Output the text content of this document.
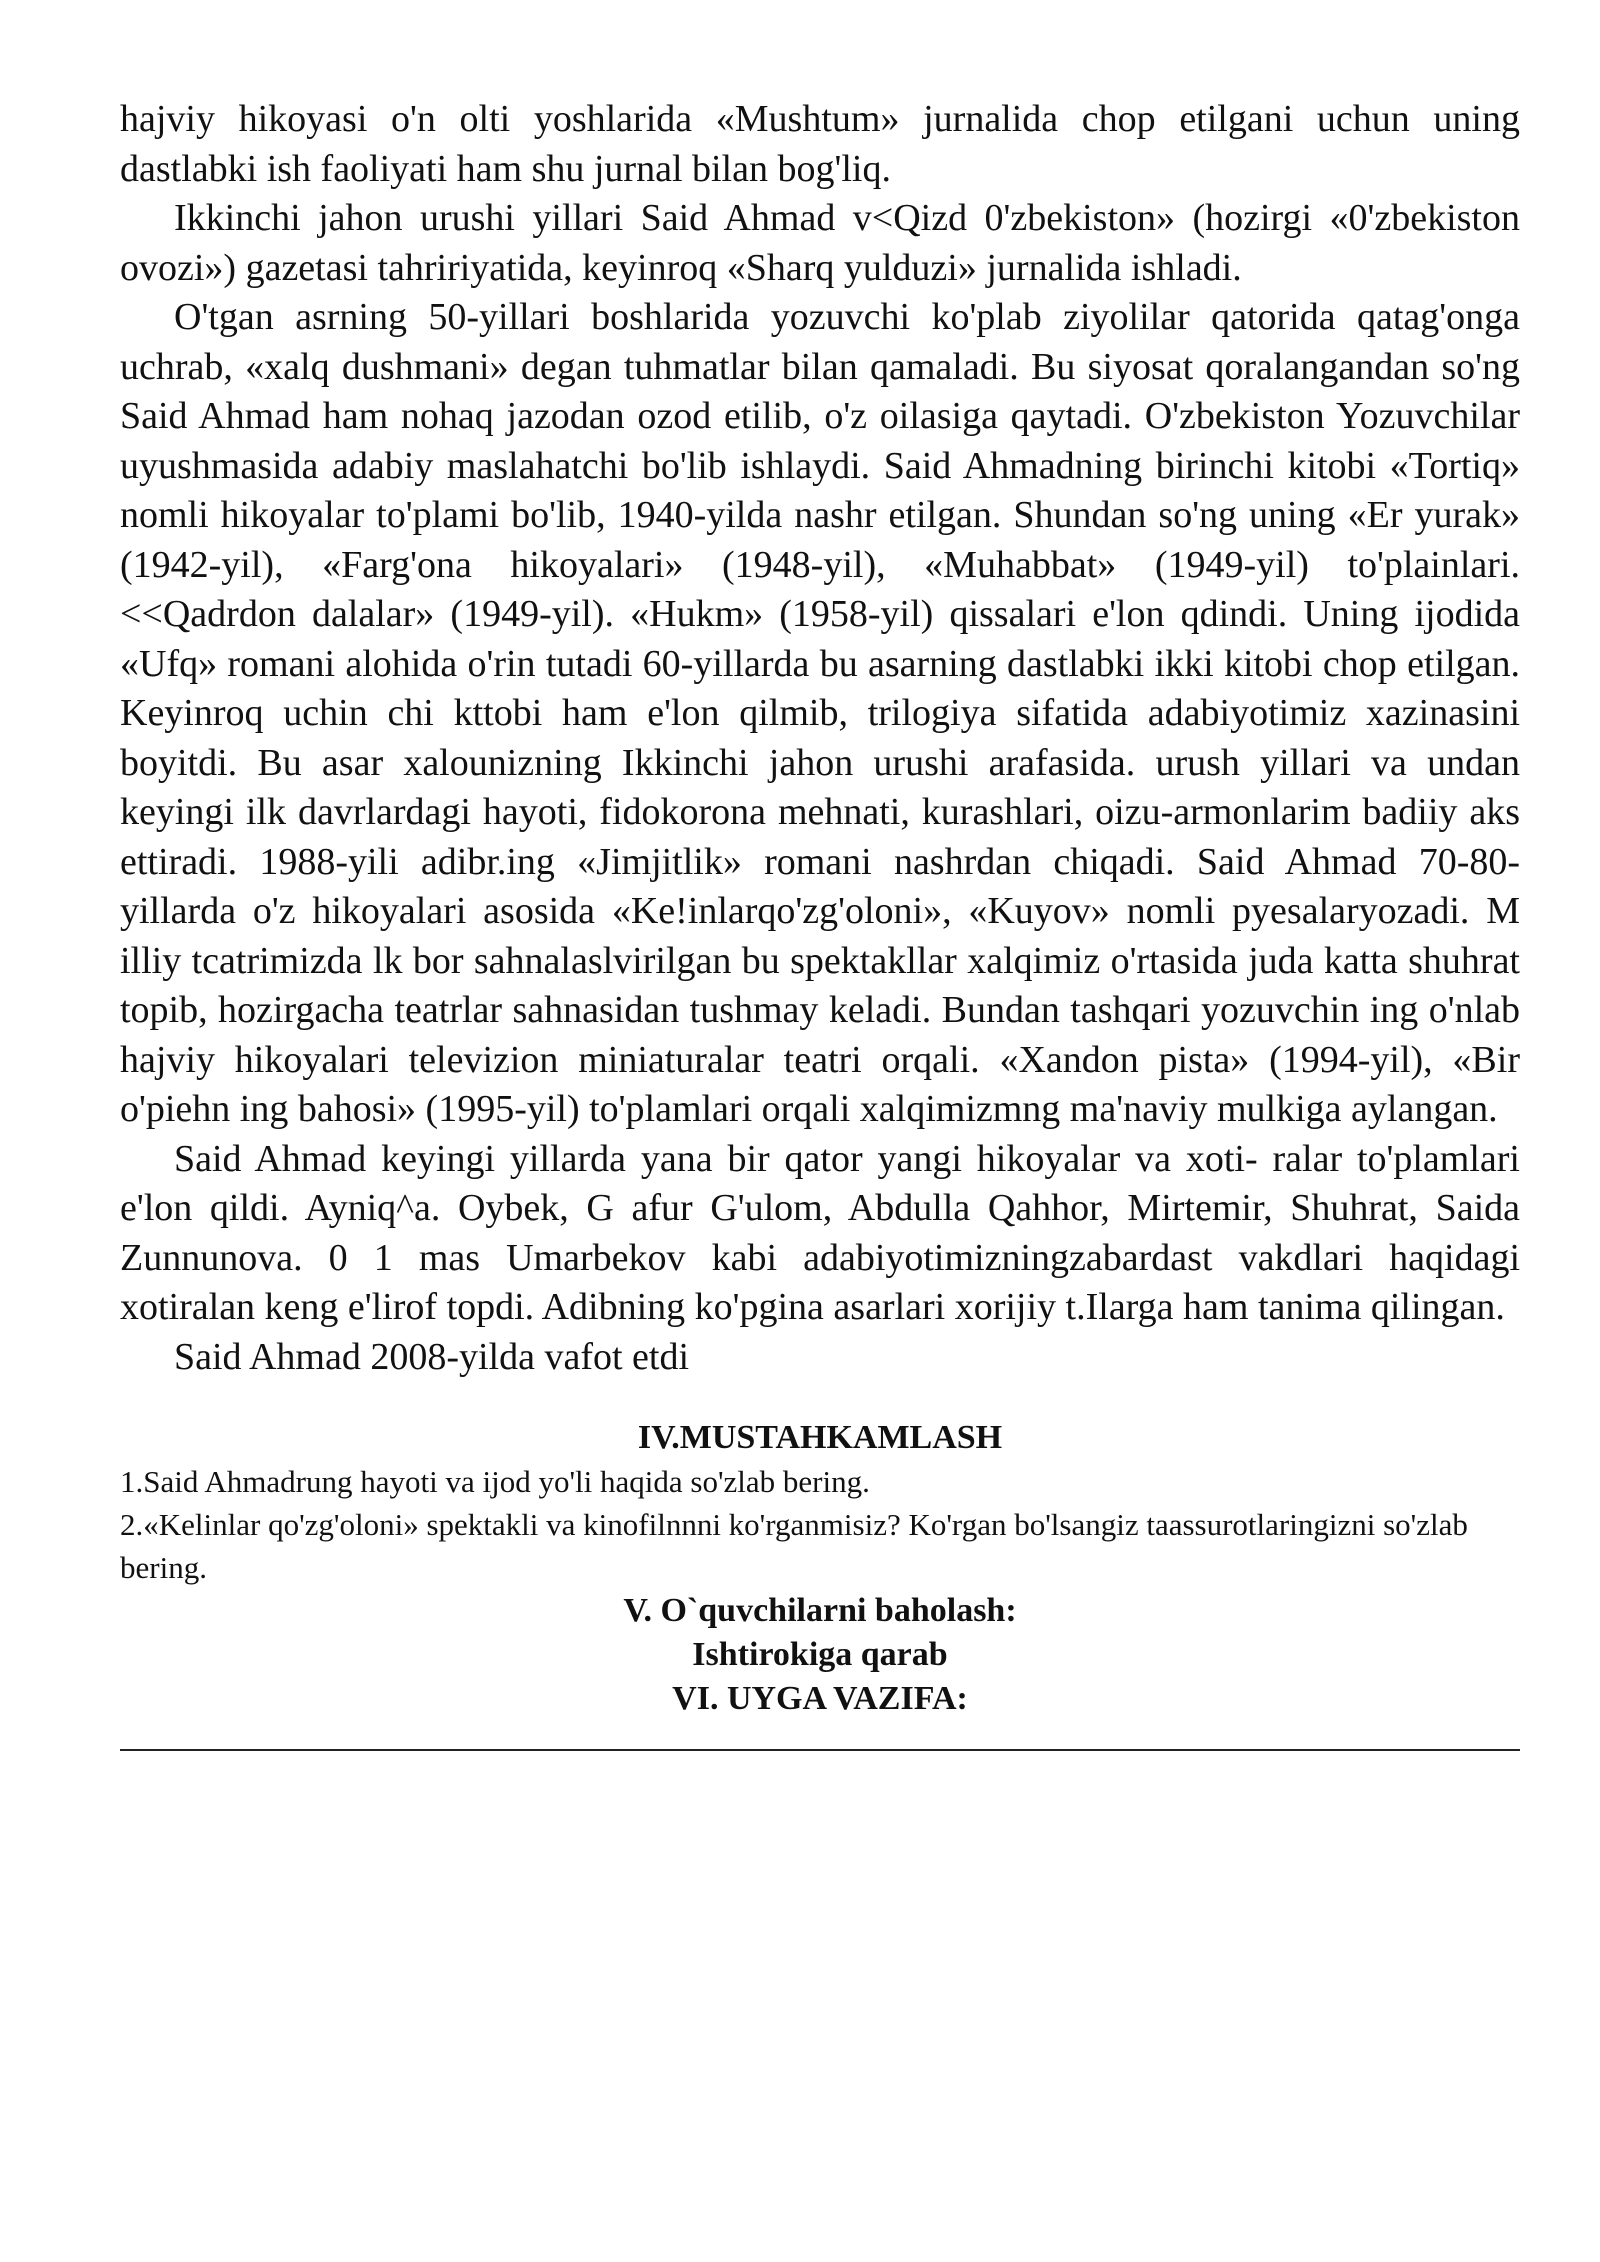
hajviy hikoyasi o'n olti yoshlarida «Mushtum» jurnalida chop etilgani uchun uning dastlabki ish faoliyati ham shu jurnal bilan bog'liq.

Ikkinchi jahon urushi yillari Said Ahmad v<Qizd 0'zbekiston» (hozirgi «0'zbekiston ovozi») gazetasi tahririyatida, keyinroq «Sharq yulduzi» jurnalida ishladi.

O'tgan asrning 50-yillari boshlarida yozuvchi ko'plab ziyolilar qatorida qatag'onga uchrab, «xalq dushmani» degan tuhmatlar bilan qamaladi. Bu siyosat qoralangandan so'ng Said Ahmad ham nohaq jazodan ozod etilib, o'z oilasiga qaytadi. O'zbekiston Yozuvchilar uyushmasida adabiy maslahatchi bo'lib ishlaydi. Said Ahmadning birinchi kitobi «Tortiq» nomli hikoyalar to'plami bo'lib, 1940-yilda nashr etilgan. Shundan so'ng uning «Er yurak» (1942-yil), «Farg'ona hikoyalari» (1948-yil), «Muhabbat» (1949-yil) to'plainlari. <<Qadrdon dalalar» (1949-yil). «Hukm» (1958-yil) qissalari e'lon qdindi. Uning ijodida «Ufq» romani alohida o'rin tutadi 60-yillarda bu asarning dastlabki ikki kitobi chop etilgan. Keyinroq uchin chi kttobi ham e'lon qilmib, trilogiya sifatida adabiyotimiz xazinasini boyitdi. Bu asar xalounizning Ikkinchi jahon urushi arafasida. urush yillari va undan keyingi ilk davrlardagi hayoti, fidokorona mehnati, kurashlari, oizu-armonlarim badiiy aks ettiradi. 1988-yili adibr.ing «Jimjitlik» romani nashrdan chiqadi. Said Ahmad 70-80-yillarda o'z hikoyalari asosida «Ke!inlarqo'zg'oloni», «Kuyov» nomli pyesalaryozadi. M illiy tcatrimizda lk bor sahnalaslvirilgan bu spektakllar xalqimiz o'rtasida juda katta shuhrat topib, hozirgacha teatrlar sahnasidan tushmay keladi. Bundan tashqari yozuvchin ing o'nlab hajviy hikoyalari televizion miniaturalar teatri orqali. «Xandon pista» (1994-yil), «Bir o'piehn ing bahosi» (1995-yil) to'plamlari orqali xalqimizmng ma'naviy mulkiga aylangan.

Said Ahmad keyingi yillarda yana bir qator yangi hikoyalar va xoti- ralar to'plamlari e'lon qildi. Ayniq^a. Oybek, G afur G'ulom, Abdulla Qahhor, Mirtemir, Shuhrat, Saida Zunnunova. 0 1 mas Umarbekov kabi adabiyotimizningzabardast vakdlari haqidagi xotiralan keng e'lirof topdi. Adibning ko'pgina asarlari xorijiy t.Ilarga ham tanima qilingan.

Said Ahmad 2008-yilda vafot etdi

IV.MUSTAHKAMLASH

1.Said Ahmadrung hayoti va ijod yo'li haqida so'zlab bering.

2.«Kelinlar qo'zg'oloni» spektakli va kinofilnnni ko'rganmisiz? Ko'rgan bo'lsangiz taassurotlaringizni so'zlab bering.

V. O`quvchilarni baholash:

Ishtirokiga qarab

VI. UYGA VAZIFA:
